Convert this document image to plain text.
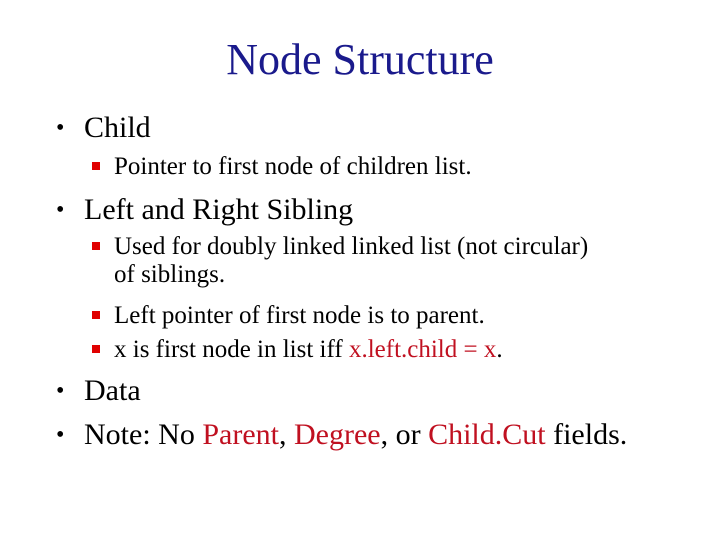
Node Structure
• Child
Pointer to first node of children list.
• Left and Right Sibling
Used for doubly linked linked list (not circular)
of siblings.
Left pointer of first node is to parent.
x is first node in list iff x.left.child = x.
• Data
• Note: No Parent, Degree, or Child.Cut fields.
